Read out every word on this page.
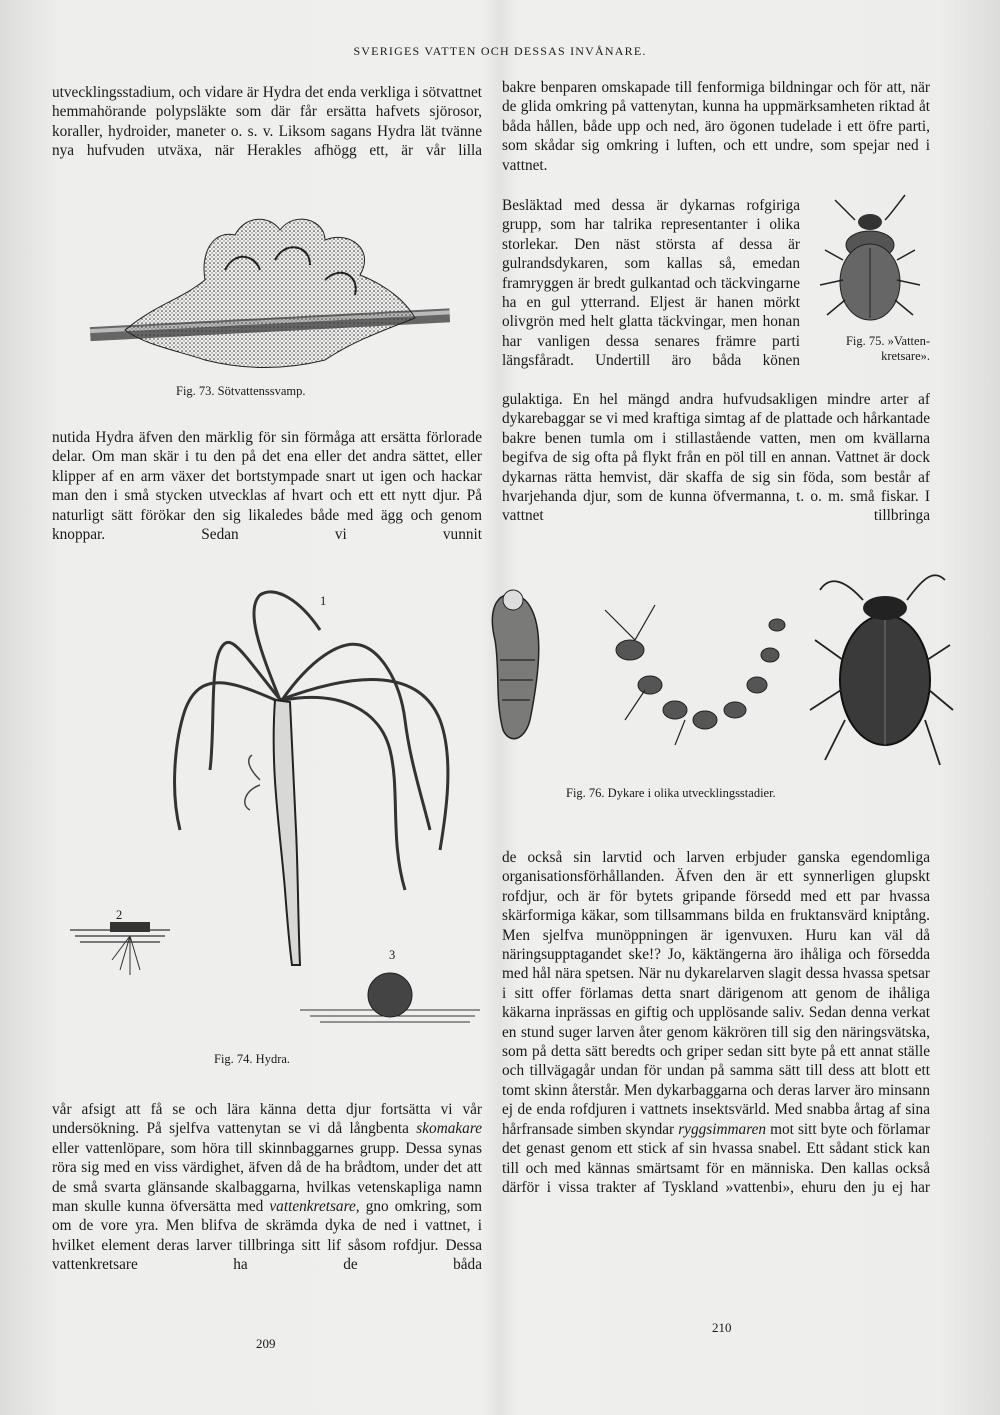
SVERIGES VATTEN OCH DESSAS INVÅNARE.
utvecklingsstadium, och vidare är Hydra det enda verkliga i sötvattnet hemmahörande polypsläkte som där får ersätta hafvets sjörosor, koraller, hydroider, maneter o. s. v. Liksom sagans Hydra lät tvänne nya hufvuden utväxa, när Herakles afhögg ett, är vår lilla
Fig. 73. Sötvattenssvamp.
nutida Hydra äfven den märklig för sin förmåga att ersätta förlorade delar. Om man skär i tu den på det ena eller det andra sättet, eller klipper af en arm växer det bortstympade snart ut igen och hackar man den i små stycken utvecklas af hvart och ett ett nytt djur. På naturligt sätt förökar den sig likaledes både med ägg och genom knoppar. Sedan vi vunnit
1
2
3
Fig. 74. Hydra.
vår afsigt att få se och lära känna detta djur fortsätta vi vår undersökning. På sjelfva vattenytan se vi då långbenta skomakare eller vattenlöpare, som höra till skinnbaggarnes grupp. Dessa synas röra sig med en viss värdighet, äfven då de ha brådtom, under det att de små svarta glänsande skalbaggarna, hvilkas vetenskapliga namn man skulle kunna öfversätta med vattenkretsare, gno omkring, som om de vore yra. Men blifva de skrämda dyka de ned i vattnet, i hvilket element deras larver tillbringa sitt lif såsom rofdjur. Dessa vattenkretsare ha de båda
209
bakre benparen omskapade till fenformiga bildningar och för att, när de glida omkring på vattenytan, kunna ha uppmärksamheten riktad åt båda hållen, både upp och ned, äro ögonen tudelade i ett öfre parti, som skådar sig omkring i luften, och ett undre, som spejar ned i vattnet.
Besläktad med dessa är dykarnas rofgiriga grupp, som har talrika representanter i olika storlekar. Den näst största af dessa är gulrandsdykaren, som kallas så, emedan framryggen är bredt gulkantad och täckvingarne ha en gul ytterrand. Eljest är hanen mörkt olivgrön med helt glatta täckvingar, men honan har vanligen dessa senares främre parti längsfåradt. Undertill äro båda könen
Fig. 75. »Vatten-
kretsare».
gulaktiga. En hel mängd andra hufvudsakligen mindre arter af dykarebaggar se vi med kraftiga simtag af de plattade och hårkantade bakre benen tumla om i stillastående vatten, men om kvällarna begifva de sig ofta på flykt från en pöl till en annan. Vattnet är dock dykarnas rätta hemvist, där skaffa de sig sin föda, som består af hvarjehanda djur, som de kunna öfvermanna, t. o. m. små fiskar. I vattnet tillbringa
Fig. 76. Dykare i olika utvecklingsstadier.
de också sin larvtid och larven erbjuder ganska egendomliga organisationsförhållanden. Äfven den är ett synnerligen glupskt rofdjur, och är för bytets gripande försedd med ett par hvassa skärformiga käkar, som tillsammans bilda en fruktansvärd kniptång. Men sjelfva munöppningen är igenvuxen. Huru kan väl då näringsupptagandet ske!? Jo, käktängerna äro ihåliga och försedda med hål nära spetsen. När nu dykarelarven slagit dessa hvassa spetsar i sitt offer förlamas detta snart därigenom att genom de ihåliga käkarna inprässas en giftig och upplösande saliv. Sedan denna verkat en stund suger larven åter genom käkrören till sig den näringsvätska, som på detta sätt beredts och griper sedan sitt byte på ett annat ställe och tillvägagår undan för undan på samma sätt till dess att blott ett tomt skinn återstår. Men dykarbaggarna och deras larver äro minsann ej de enda rofdjuren i vattnets insektsvärld. Med snabba årtag af sina hårfransade simben skyndar ryggsimmaren mot sitt byte och förlamar det genast genom ett stick af sin hvassa snabel. Ett sådant stick kan till och med kännas smärtsamt för en människa. Den kallas också därför i vissa trakter af Tyskland »vattenbi», ehuru den ju ej har
210
